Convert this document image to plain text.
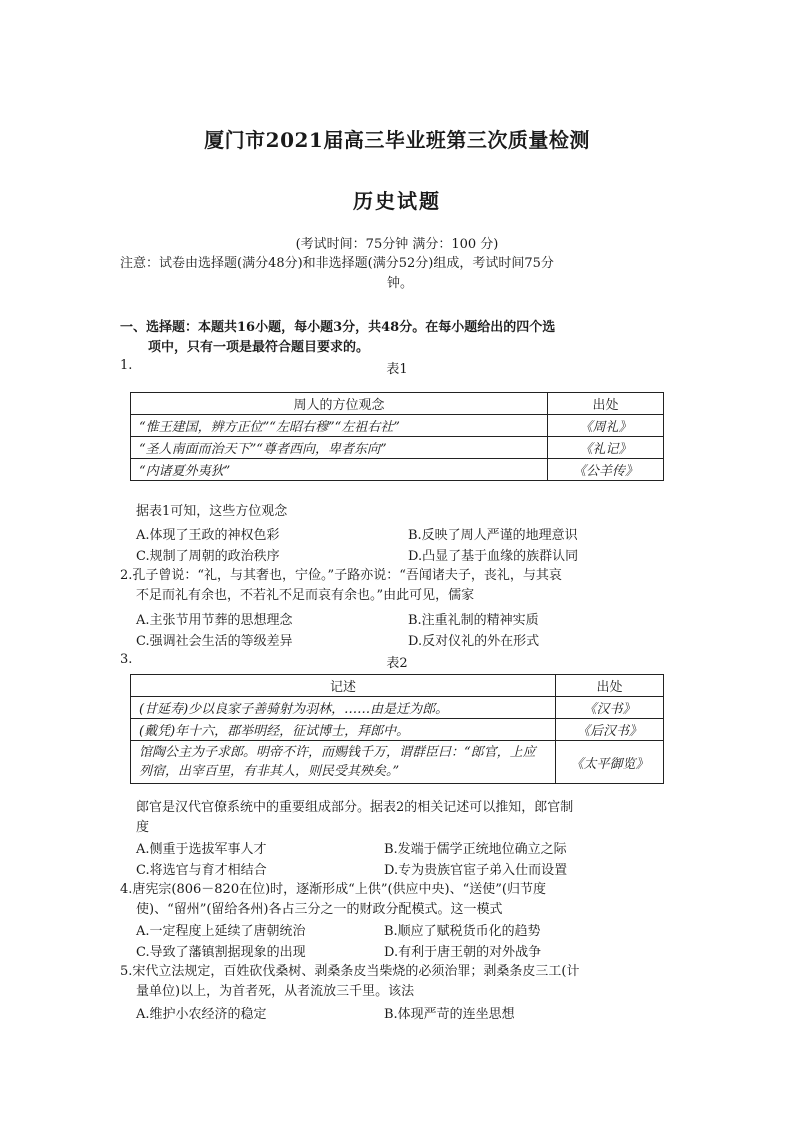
厦门市2021届高三毕业班第三次质量检测
历史试题
(考试时间：75分钟 满分：100 分)
注意：试卷由选择题(满分48分)和非选择题(满分52分)组成，考试时间75分
钟。
一、选择题：本题共16小题，每小题3分，共48分。在每小题给出的四个选
项中，只有一项是最符合题目要求的。
1.	表1
周人的方位观念	出处
“惟王建国，辨方正位”“左昭右穆”“左祖右社”	《周礼》
“圣人南面而治天下”“尊者西向，卑者东向”	《礼记》
“内诸夏外夷狄”	《公羊传》
据表1可知，这些方位观念
A.体现了王政的神权色彩	B.反映了周人严谨的地理意识
C.规制了周朝的政治秩序	D.凸显了基于血缘的族群认同
2.孔子曾说：“礼，与其奢也，宁俭。”子路亦说：“吾闻诸夫子，丧礼，与其哀
不足而礼有余也，不若礼不足而哀有余也。”由此可见，儒家
A.主张节用节葬的思想理念	B.注重礼制的精神实质
C.强调社会生活的等级差异	D.反对仪礼的外在形式
3.	表2
记述	出处
(甘延寿)少以良家子善骑射为羽林，……由是迁为郎。	《汉书》
(戴凭)年十六，郡举明经，征试博士，拜郎中。	《后汉书》
馆陶公主为子求郎。明帝不许，而赐钱千万，谓群臣曰：“郎官，上应列宿，出宰百里，有非其人，则民受其殃矣。”	《太平御览》
郎官是汉代官僚系统中的重要组成部分。据表2的相关记述可以推知，郎官制
度
A.侧重于选拔军事人才	B.发端于儒学正统地位确立之际
C.将选官与育才相结合	D.专为贵族官宦子弟入仕而设置
4.唐宪宗(806－820在位)时，逐渐形成“上供”(供应中央)、“送使”(归节度
使)、“留州”(留给各州)各占三分之一的财政分配模式。这一模式
A.一定程度上延续了唐朝统治	B.顺应了赋税货币化的趋势
C.导致了藩镇割据现象的出现	D.有利于唐王朝的对外战争
5.宋代立法规定，百姓砍伐桑树、剥桑条皮当柴烧的必须治罪；剥桑条皮三工(计
量单位)以上，为首者死，从者流放三千里。该法
A.维护小农经济的稳定	B.体现严苛的连坐思想
